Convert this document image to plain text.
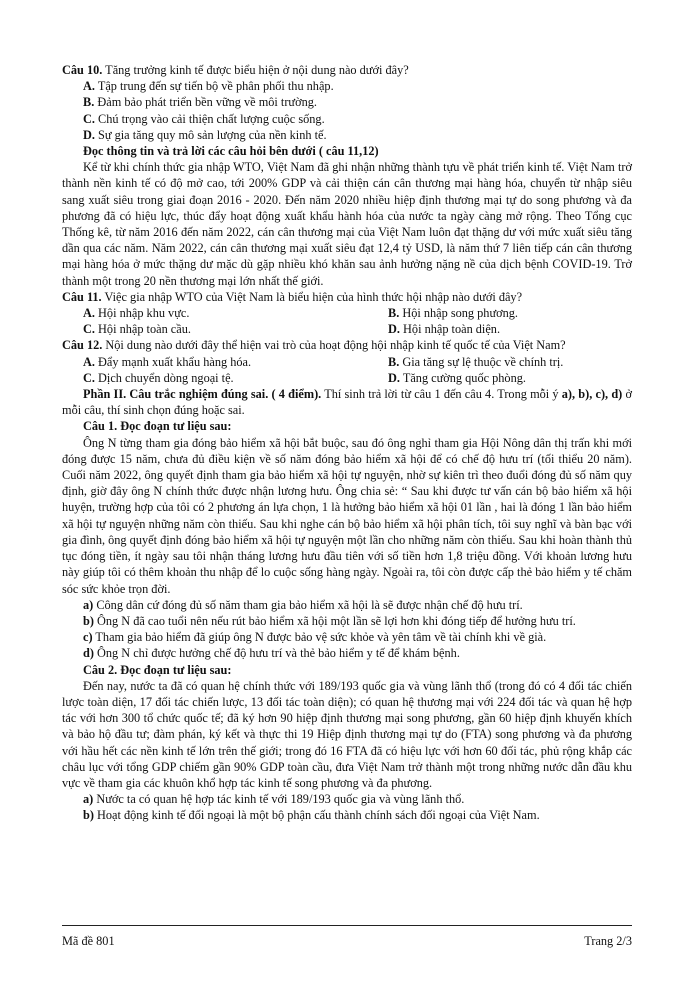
Câu 10. Tăng trưởng kinh tế được biểu hiện ở nội dung nào dưới đây?

A. Tập trung đến sự tiến bộ về phân phối thu nhập.

B. Đảm bảo phát triển bền vững về môi trường.

C. Chú trọng vào cải thiện chất lượng cuộc sống.

D. Sự gia tăng quy mô sản lượng của nền kinh tế.

Đọc thông tin và trả lời các câu hỏi bên dưới ( câu 11,12)

Kể từ khi chính thức gia nhập WTO, Việt Nam đã ghi nhận những thành tựu về phát triển kinh tế. Việt Nam trở thành nền kinh tế có độ mở cao, tới 200% GDP và cải thiện cán cân thương mại hàng hóa, chuyển từ nhập siêu sang xuất siêu trong giai đoạn 2016 - 2020. Đến năm 2020 nhiều hiệp định thương mại tự do song phương và đa phương đã có hiệu lực, thúc đẩy hoạt động xuất khẩu hành hóa của nước ta ngày càng mở rộng. Theo Tổng cục Thống kê, từ năm 2016 đến năm 2022, cán cân thương mại của Việt Nam luôn đạt thặng dư với mức xuất siêu tăng dần qua các năm. Năm 2022, cán cân thương mại xuất siêu đạt 12,4 tỷ USD, là năm thứ 7 liên tiếp cán cân thương mại hàng hóa ở mức thặng dư mặc dù gặp nhiều khó khăn sau ảnh hưởng nặng nề của dịch bệnh COVID-19. Trở thành một trong 20 nền thương mại lớn nhất thế giới.

Câu 11. Việc gia nhập WTO của Việt Nam là biểu hiện của hình thức hội nhập nào dưới đây?

A. Hội nhập khu vực.	B. Hội nhập song phương.
C. Hội nhập toàn cầu.	D. Hội nhập toàn diện.

Câu 12. Nội dung nào dưới đây thể hiện vai trò của hoạt động hội nhập kinh tế quốc tế của Việt Nam?

A. Đẩy mạnh xuất khẩu hàng hóa.	B. Gia tăng sự lệ thuộc về chính trị.
C. Dịch chuyển dòng ngoại tệ.	D. Tăng cường quốc phòng.

Phần II. Câu trắc nghiệm đúng sai. ( 4 điểm). Thí sinh trả lời từ câu 1 đến câu 4. Trong mỗi ý a), b), c), d) ở mỗi câu, thí sinh chọn đúng hoặc sai.

Câu 1. Đọc đoạn tư liệu sau:

Ông N từng tham gia đóng bảo hiểm xã hội bắt buộc, sau đó ông nghỉ tham gia Hội Nông dân thị trấn khi mới đóng được 15 năm, chưa đủ điều kiện về số năm đóng bảo hiểm xã hội để có chế độ hưu trí (tối thiểu 20 năm). Cuối năm 2022, ông quyết định tham gia bảo hiểm xã hội tự nguyện, nhờ sự kiên trì theo đuổi đóng đủ số năm quy định, giờ đây ông N chính thức được nhận lương hưu. Ông chia sẻ: “ Sau khi được tư vấn cán bộ bảo hiểm xã hội huyện, trường hợp của tôi có 2 phương án lựa chọn, 1 là hưởng bảo hiểm xã hội 01 lần , hai là đóng 1 lần bảo hiểm xã hội tự nguyện những năm còn thiếu. Sau khi nghe cán bộ bảo hiểm xã hội phân tích, tôi suy nghĩ và bàn bạc với gia đình, ông quyết định đóng bảo hiểm xã hội tự nguyện một lần cho những năm còn thiếu. Sau khi hoàn thành thủ tục đóng tiền, ít ngày sau tôi nhận tháng lương hưu đầu tiên với số tiền hơn 1,8 triệu đồng. Với khoản lương hưu này giúp tôi có thêm khoản thu nhập để lo cuộc sống hàng ngày. Ngoài ra, tôi còn được cấp thẻ bảo hiểm y tế chăm sóc sức khỏe trọn đời.

a) Công dân cứ đóng đủ số năm tham gia bảo hiểm xã hội là sẽ được nhận chế độ hưu trí.

b) Ông N đã cao tuổi nên nếu rút bảo hiểm xã hội một lần sẽ lợi hơn khi đóng tiếp để hưởng hưu trí.

c) Tham gia bảo hiểm đã giúp ông N được bảo vệ sức khỏe và yên tâm về tài chính khi về già.

d) Ông N chỉ được hưởng chế độ hưu trí và thẻ bảo hiểm y tế để khám bệnh.

Câu 2. Đọc đoạn tư liệu sau:

Đến nay, nước ta đã có quan hệ chính thức với 189/193 quốc gia và vùng lãnh thổ (trong đó có 4 đối tác chiến lược toàn diện, 17 đối tác chiến lược, 13 đối tác toàn diện); có quan hệ thương mại với 224 đối tác và quan hệ hợp tác với hơn 300 tổ chức quốc tế; đã ký hơn 90 hiệp định thương mại song phương, gần 60 hiệp định khuyến khích và bảo hộ đầu tư; đàm phán, ký kết và thực thi 19 Hiệp định thương mại tự do (FTA) song phương và đa phương với hầu hết các nền kinh tế lớn trên thế giới; trong đó 16 FTA đã có hiệu lực với hơn 60 đối tác, phủ rộng khắp các châu lục với tổng GDP chiếm gần 90% GDP toàn cầu, đưa Việt Nam trở thành một trong những nước dẫn đầu khu vực về tham gia các khuôn khổ hợp tác kinh tế song phương và đa phương.

a) Nước ta có quan hệ hợp tác kinh tế với 189/193 quốc gia và vùng lãnh thổ.

b) Hoạt động kinh tế đối ngoại là một bộ phận cấu thành chính sách đối ngoại của Việt Nam.

Mã đề 801	Trang 2/3
